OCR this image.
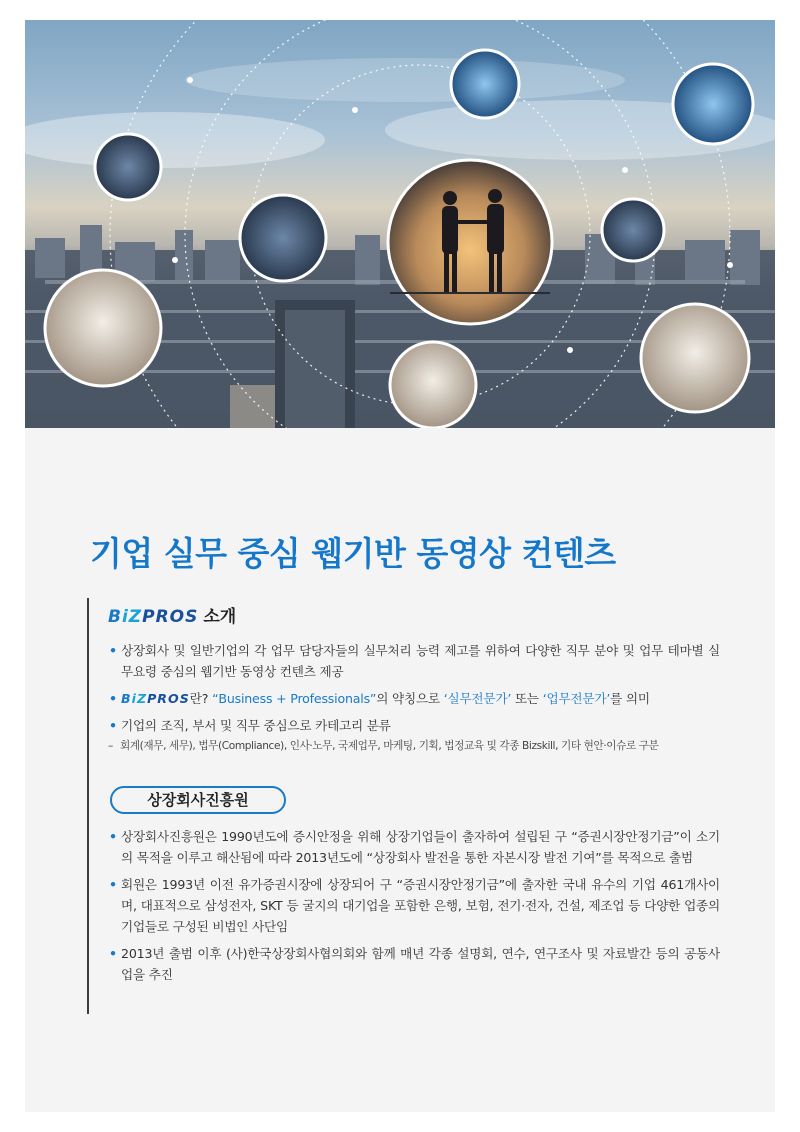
기업 실무 중심 웹기반 동영상 컨텐츠
BiZPROS 소개
• 상장회사 및 일반기업의 각 업무 담당자들의 실무처리 능력 제고를 위하여 다양한 직무 분야 및 업무 테마별 실무요령 중심의 웹기반 동영상 컨텐츠 제공
• BiZPROS란? “Business + Professionals”의 약칭으로 ‘실무전문가’ 또는 ‘업무전문가’를 의미
• 기업의 조직, 부서 및 직무 중심으로 카테고리 분류
– 회계(재무, 세무), 법무(Compliance), 인사·노무, 국제업무, 마케팅, 기획, 법정교육 및 각종 Bizskill, 기타 현안·이슈로 구분
상장회사진흥원
• 상장회사진흥원은 1990년도에 증시안정을 위해 상장기업들이 출자하여 설립된 구 “증권시장안정기금”이 소기의 목적을 이루고 해산됨에 따라 2013년도에 “상장회사 발전을 통한 자본시장 발전 기여”를 목적으로 출범
• 회원은 1993년 이전 유가증권시장에 상장되어 구 “증권시장안정기금”에 출자한 국내 유수의 기업 461개사이며, 대표적으로 삼성전자, SKT 등 굴지의 대기업을 포함한 은행, 보험, 전기·전자, 건설, 제조업 등 다양한 업종의 기업들로 구성된 비법인 사단임
• 2013년 출범 이후 (사)한국상장회사협의회와 함께 매년 각종 설명회, 연수, 연구조사 및 자료발간 등의 공동사업을 추진
